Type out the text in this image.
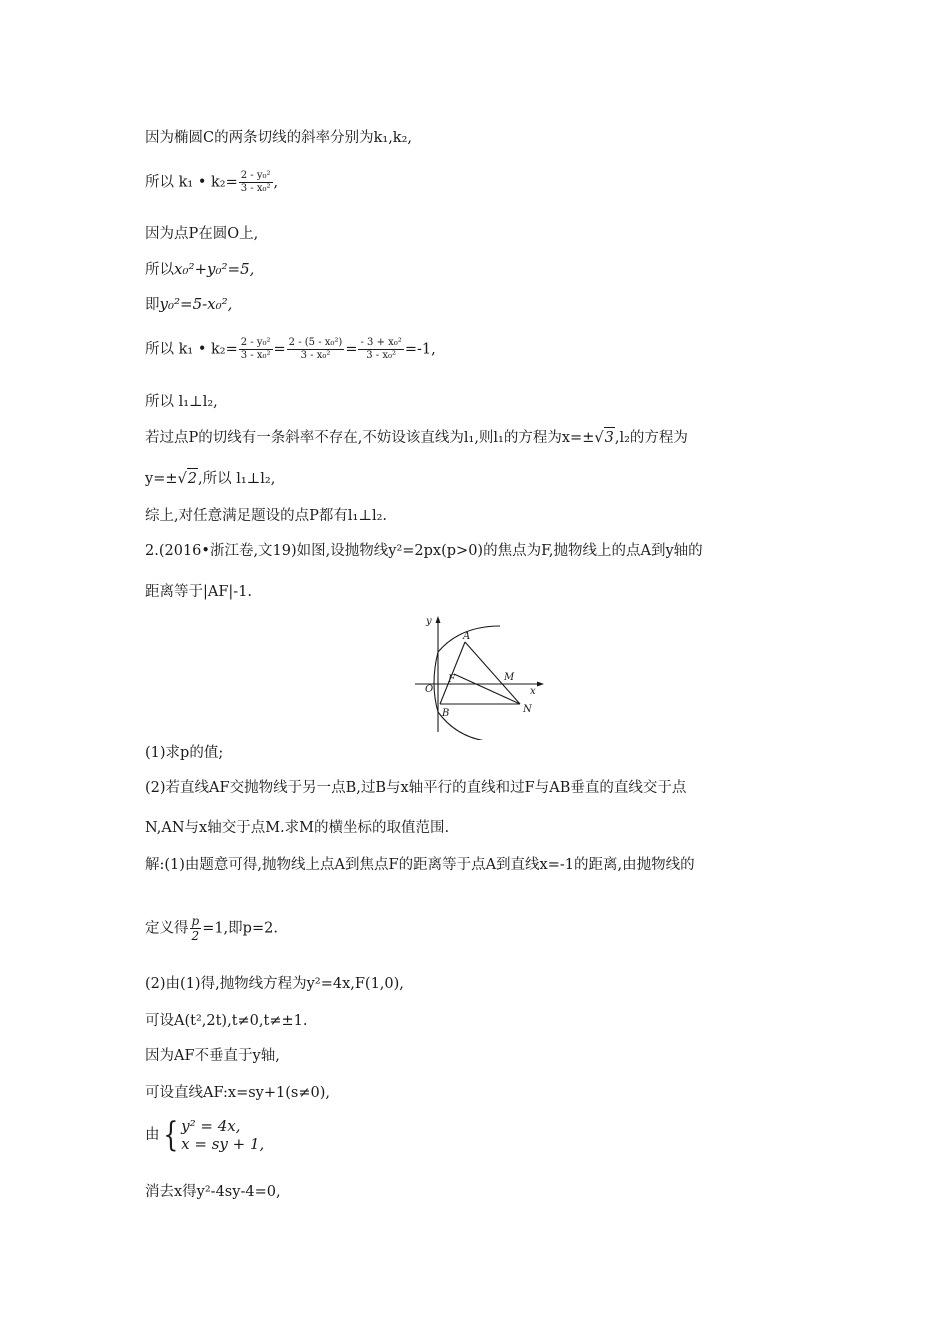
因为椭圆C的两条切线的斜率分别为k₁,k₂,
所以 k₁ • $k_2= \frac{\text{2 - y₀²}}{\text{3 - x₀²}}$ ,
因为点P在圆O上,
所以x₀²+y₀²=5,
即y₀²=5-x₀²,
所以 k₁ • $k_2= \frac{\text{2 - y₀²}}{\text{3 - x₀²}} = \frac{\text{2 - (5 - x₀²)}}{\text{3 - x₀²}} = \frac{\text{- 3 + x₀²}}{\text{3 - x₀²}} =-1$,
所以 l₁⊥l₂,
若过点P的切线有一条斜率不存在,不妨设该直线为l₁,则l₁的方程为x=±√3,l₂的方程为
y=±√2,所以 l₁⊥l₂,
综上,对任意满足题设的点P都有l₁⊥l₂.
2.(2016•浙江卷,文19)如图,设抛物线y²=2px(p>0)的焦点为F,抛物线上的点A到y轴的
距离等于|AF|-1.
y
x
O
A
F	M
B	N
(1)求p的值;
(2)若直线AF交抛物线于另一点B,过B与x轴平行的直线和过F与AB垂直的直线交于点
N,AN与x轴交于点M.求M的横坐标的取值范围.
解:(1)由题意可得,抛物线上点A到焦点F的距离等于点A到直线x=-1的距离,由抛物线的
定义得 $\frac{p}{2} =1$,即p=2.
(2)由(1)得,抛物线方程为y²=4x,F(1,0),
可设A(t²,2t),t≠0,t≠±1.
因为AF不垂直于y轴,
可设直线AF:x=sy+1(s≠0),
由{ y² = 4x,
x = sy + 1,
消去x得y²-4sy-4=0,
